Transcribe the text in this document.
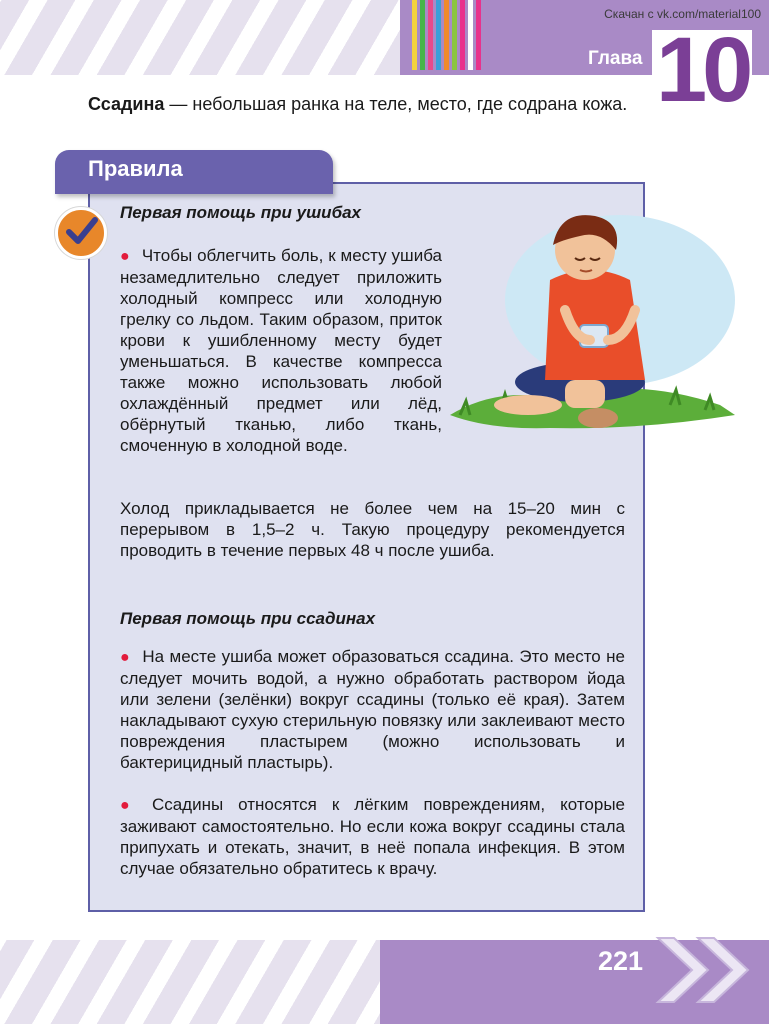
Скачан с vk.com/material100
Глава 10
Ссадина — небольшая ранка на теле, место, где содрана кожа.
Правила
Первая помощь при ушибах
● Чтобы облегчить боль, к месту ушиба незамедлительно следует приложить холодный компресс или холодную грелку со льдом. Таким образом, приток крови к ушибленному месту будет уменьшаться. В качестве компресса также можно использовать любой охлаждённый предмет или лёд, обёрнутый тканью, либо ткань, смоченную в холодной воде.
Холод прикладывается не более чем на 15–20 мин с перерывом в 1,5–2 ч. Такую процедуру рекомендуется проводить в течение первых 48 ч после ушиба.
Первая помощь при ссадинах
● На месте ушиба может образоваться ссадина. Это место не следует мочить водой, а нужно обработать раствором йода или зелени (зелёнки) вокруг ссадины (только её края). Затем накладывают сухую стерильную повязку или заклеивают место повреждения пластырем (можно использовать и бактерицидный пластырь).
● Ссадины относятся к лёгким повреждениям, которые заживают самостоятельно. Но если кожа вокруг ссадины стала припухать и отекать, значит, в неё попала инфекция. В этом случае обязательно обратитесь к врачу.
221
